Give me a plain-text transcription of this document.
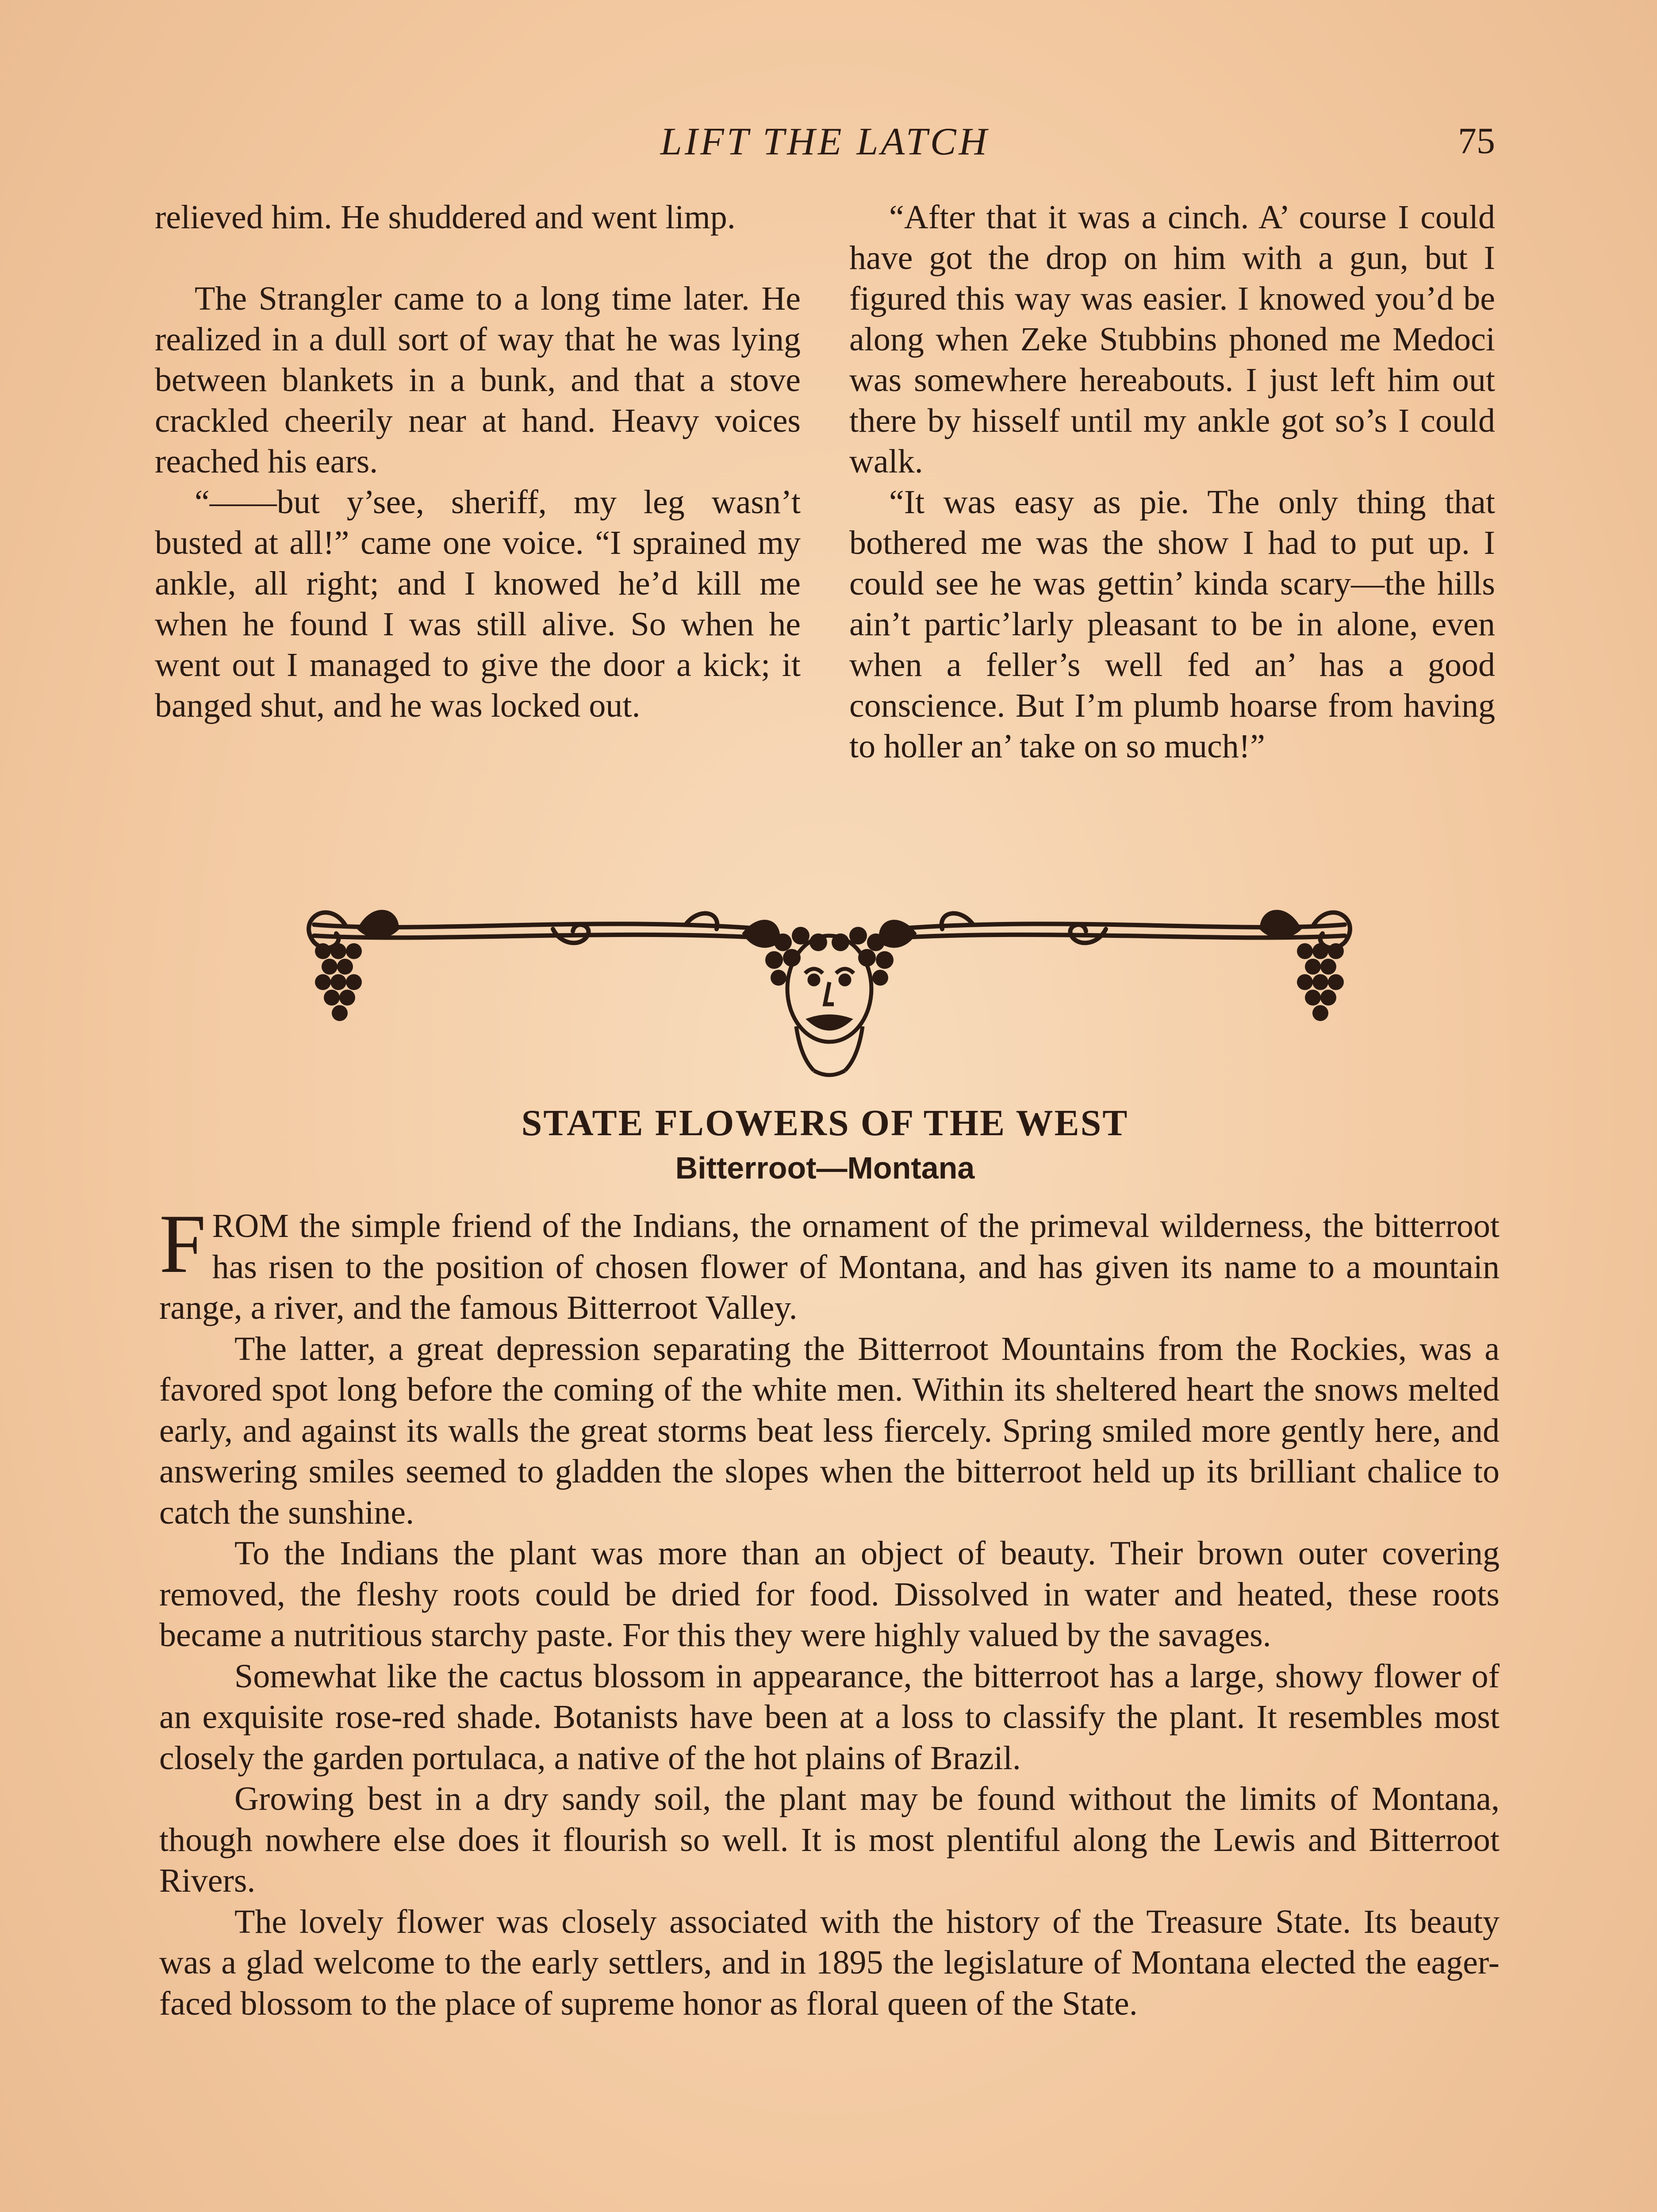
LIFT THE LATCH	75

relieved him. He shuddered and went limp.

The Strangler came to a long time later. He realized in a dull sort of way that he was lying between blankets in a bunk, and that a stove crackled cheerily near at hand. Heavy voices reached his ears.

“——but y’see, sheriff, my leg wasn’t busted at all!” came one voice. “I sprained my ankle, all right; and I knowed he’d kill me when he found I was still alive. So when he went out I managed to give the door a kick; it banged shut, and he was locked out.

“After that it was a cinch. A’ course I could have got the drop on him with a gun, but I figured this way was easier. I knowed you’d be along when Zeke Stubbins phoned me Medoci was somewhere hereabouts. I just left him out there by hisself until my ankle got so’s I could walk.

“It was easy as pie. The only thing that bothered me was the show I had to put up. I could see he was gettin’ kinda scary—the hills ain’t partic’larly pleasant to be in alone, even when a feller’s well fed an’ has a good conscience. But I’m plumb hoarse from having to holler an’ take on so much!”

STATE FLOWERS OF THE WEST
Bitterroot—Montana

FROM the simple friend of the Indians, the ornament of the primeval wilderness, the bitterroot has risen to the position of chosen flower of Montana, and has given its name to a mountain range, a river, and the famous Bitterroot Valley.

The latter, a great depression separating the Bitterroot Mountains from the Rockies, was a favored spot long before the coming of the white men. Within its sheltered heart the snows melted early, and against its walls the great storms beat less fiercely. Spring smiled more gently here, and answering smiles seemed to gladden the slopes when the bitterroot held up its brilliant chalice to catch the sunshine.

To the Indians the plant was more than an object of beauty. Their brown outer covering removed, the fleshy roots could be dried for food. Dissolved in water and heated, these roots became a nutritious starchy paste. For this they were highly valued by the savages.

Somewhat like the cactus blossom in appearance, the bitterroot has a large, showy flower of an exquisite rose-red shade. Botanists have been at a loss to classify the plant. It resembles most closely the garden portulaca, a native of the hot plains of Brazil.

Growing best in a dry sandy soil, the plant may be found without the limits of Montana, though nowhere else does it flourish so well. It is most plentiful along the Lewis and Bitterroot Rivers.

The lovely flower was closely associated with the history of the Treasure State. Its beauty was a glad welcome to the early settlers, and in 1895 the legislature of Montana elected the eager-faced blossom to the place of supreme honor as floral queen of the State.
